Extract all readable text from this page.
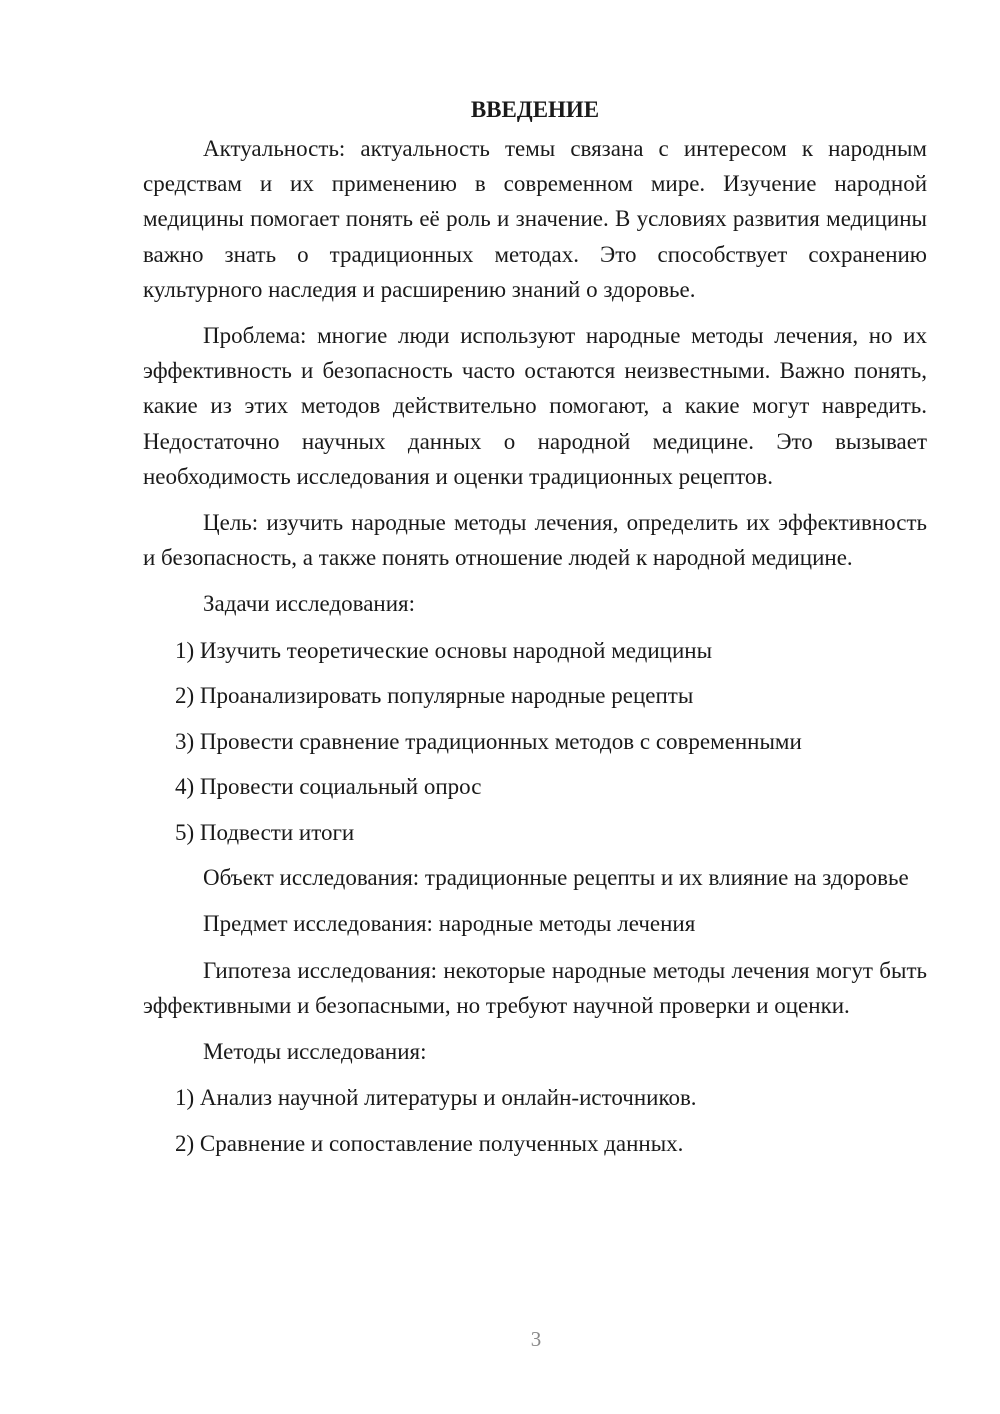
ВВЕДЕНИЕ

Актуальность: актуальность темы связана с интересом к народным средствам и их применению в современном мире. Изучение народной медицины помогает понять её роль и значение. В условиях развития медицины важно знать о традиционных методах. Это способствует сохранению культурного наследия и расширению знаний о здоровье.

Проблема: многие люди используют народные методы лечения, но их эффективность и безопасность часто остаются неизвестными. Важно понять, какие из этих методов действительно помогают, а какие могут навредить. Недостаточно научных данных о народной медицине. Это вызывает необходимость исследования и оценки традиционных рецептов.

Цель: изучить народные методы лечения, определить их эффективность и безопасность, а также понять отношение людей к народной медицине.

Задачи исследования:

1) Изучить теоретические основы народной медицины
2) Проанализировать популярные народные рецепты
3) Провести сравнение традиционных методов с современными
4) Провести социальный опрос
5) Подвести итоги

Объект исследования: традиционные рецепты и их влияние на здоровье

Предмет исследования: народные методы лечения

Гипотеза исследования: некоторые народные методы лечения могут быть эффективными и безопасными, но требуют научной проверки и оценки.

Методы исследования:

1) Анализ научной литературы и онлайн-источников.
2) Сравнение и сопоставление полученных данных.
3
